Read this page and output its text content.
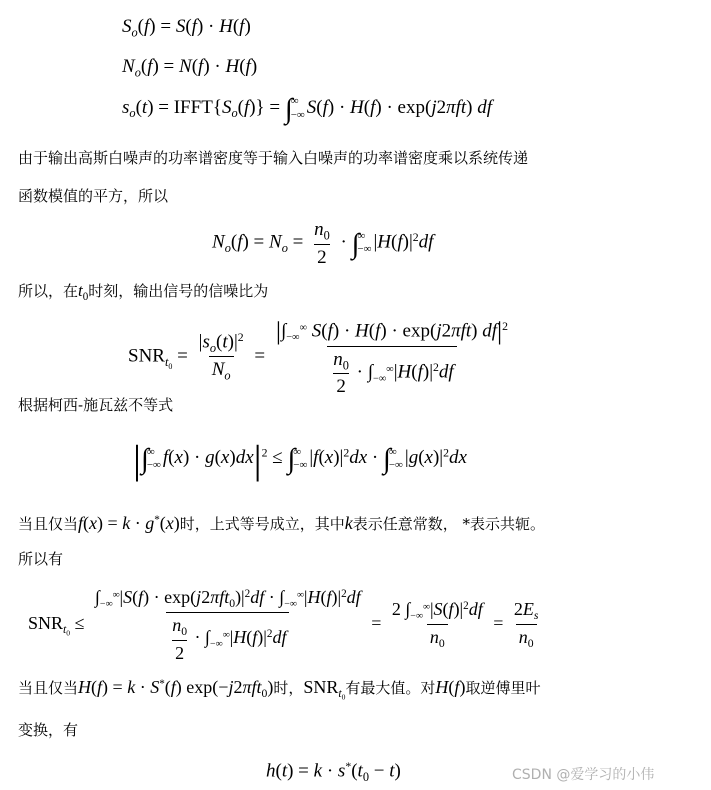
$S_o(f) = S(f) \cdot H(f)$
$N_o(f) = N(f) \cdot H(f)$
$s_o(t)$ = $IFFT\{S_o(f)\}$ = ∫
∞
−∞ S(f) · H(f) · exp(j2πft) df
由于输出高斯白噪声的功率谱密度等于输入白噪声的功率谱密度乘以系统传递
函数模值的平方，所以
$N_o(f) = N_o = \frac{n_0}{2}$ · ∫
∞
−∞ $|H(f)|^2df$
所以，在$t_0$时刻，输出信号的信噪比为
$SNR_{t_0} = \frac{|s_o(t)|^2}{N_o} = \frac{|\int_{-\infty}^\infty S(f) \cdot H(f) \cdot \exp(j2\pi ft) df|^2}{\frac{n_0}{2} \cdot \int_{-\infty}^\infty|H(f)|^2df}$
根据柯西-施瓦兹不等式
|∫
∞
−∞ $f(x) \cdot g(x)dx|^2$ ≤ ∫
∞
−∞ $|f(x)|^2dx$ · ∫
∞
−∞ $|g(x)|^2dx$
当且仅当f(x) = k · g*(x)时，上式等号成立，其中k表示任意常数， *表示共轭。
所以有
$SNR_{t_0} \le \frac{\int_{-\infty}^\infty|S(f) \cdot \exp(j2\pi ft_0)|^2df \cdot \int_{-\infty}^\infty|H(f)|^2df}{\frac{n_0}{2} \cdot \int_{-\infty}^\infty|H(f)|^2df} = \frac{2 \int_{-\infty}^\infty|S(f)|^2df}{n_0} = \frac{2E_s}{n_0}$
当且仅当H(f) = k · S*(f) exp(−j2πft$_0$)时，$SNR_{t_0}$有最大值。对H(f)取逆傅里叶
变换，有
$h(t) = k \cdot s^*(t_0 - t)$	CSDN @爱学习的小伟
